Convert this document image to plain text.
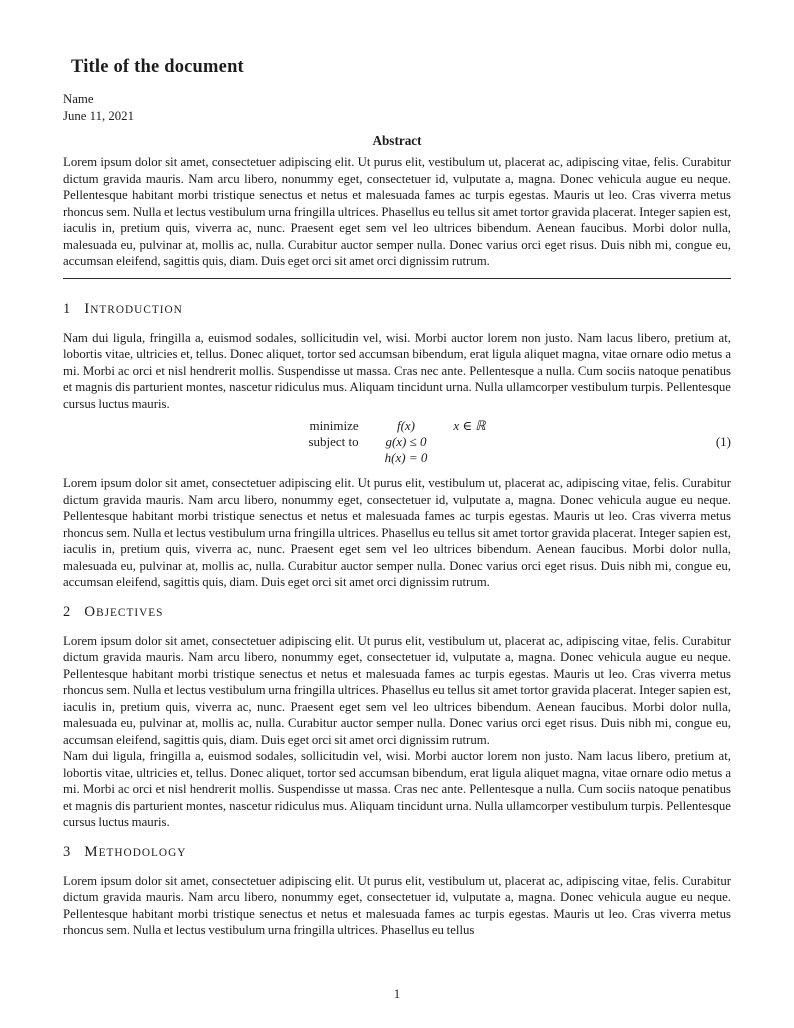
Title of the document
Name
June 11, 2021
Abstract

Lorem ipsum dolor sit amet, consectetuer adipiscing elit. Ut purus elit, vestibulum ut, placerat ac, adipiscing vitae, felis. Curabitur dictum gravida mauris. Nam arcu libero, nonummy eget, consectetuer id, vulputate a, magna. Donec vehicula augue eu neque. Pellentesque habitant morbi tristique senectus et netus et malesuada fames ac turpis egestas. Mauris ut leo. Cras viverra metus rhoncus sem. Nulla et lectus vestibulum urna fringilla ultrices. Phasellus eu tellus sit amet tortor gravida placerat. Integer sapien est, iaculis in, pretium quis, viverra ac, nunc. Praesent eget sem vel leo ultrices bibendum. Aenean faucibus. Morbi dolor nulla, malesuada eu, pulvinar at, mollis ac, nulla. Curabitur auctor semper nulla. Donec varius orci eget risus. Duis nibh mi, congue eu, accumsan eleifend, sagittis quis, diam. Duis eget orci sit amet orci dignissim rutrum.

1 INTRODUCTION

Nam dui ligula, fringilla a, euismod sodales, sollicitudin vel, wisi. Morbi auctor lorem non justo. Nam lacus libero, pretium at, lobortis vitae, ultricies et, tellus. Donec aliquet, tortor sed accumsan bibendum, erat ligula aliquet magna, vitae ornare odio metus a mi. Morbi ac orci et nisl hendrerit mollis. Suspendisse ut massa. Cras nec ante. Pellentesque a nulla. Cum sociis natoque penatibus et magnis dis parturient montes, nascetur ridiculus mus. Aliquam tincidunt urna. Nulla ullamcorper vestibulum turpis. Pellentesque cursus luctus mauris.

minimize	f(x)	x ∈ ℝ
subject to g(x) ≤ 0
h(x) = 0
(1)

Lorem ipsum dolor sit amet, consectetuer adipiscing elit. Ut purus elit, vestibulum ut, placerat ac, adipiscing vitae, felis. Curabitur dictum gravida mauris. Nam arcu libero, nonummy eget, consectetuer id, vulputate a, magna. Donec vehicula augue eu neque. Pellentesque habitant morbi tristique senectus et netus et malesuada fames ac turpis egestas. Mauris ut leo. Cras viverra metus rhoncus sem. Nulla et lectus vestibulum urna fringilla ultrices. Phasellus eu tellus sit amet tortor gravida placerat. Integer sapien est, iaculis in, pretium quis, viverra ac, nunc. Praesent eget sem vel leo ultrices bibendum. Aenean faucibus. Morbi dolor nulla, malesuada eu, pulvinar at, mollis ac, nulla. Curabitur auctor semper nulla. Donec varius orci eget risus. Duis nibh mi, congue eu, accumsan eleifend, sagittis quis, diam. Duis eget orci sit amet orci dignissim rutrum.

2 OBJECTIVES

Lorem ipsum dolor sit amet, consectetuer adipiscing elit. Ut purus elit, vestibulum ut, placerat ac, adipiscing vitae, felis. Curabitur dictum gravida mauris. Nam arcu libero, nonummy eget, consectetuer id, vulputate a, magna. Donec vehicula augue eu neque. Pellentesque habitant morbi tristique senectus et netus et malesuada fames ac turpis egestas. Mauris ut leo. Cras viverra metus rhoncus sem. Nulla et lectus vestibulum urna fringilla ultrices. Phasellus eu tellus sit amet tortor gravida placerat. Integer sapien est, iaculis in, pretium quis, viverra ac, nunc. Praesent eget sem vel leo ultrices bibendum. Aenean faucibus. Morbi dolor nulla, malesuada eu, pulvinar at, mollis ac, nulla. Curabitur auctor semper nulla. Donec varius orci eget risus. Duis nibh mi, congue eu, accumsan eleifend, sagittis quis, diam. Duis eget orci sit amet orci dignissim rutrum.

Nam dui ligula, fringilla a, euismod sodales, sollicitudin vel, wisi. Morbi auctor lorem non justo. Nam lacus libero, pretium at, lobortis vitae, ultricies et, tellus. Donec aliquet, tortor sed accumsan bibendum, erat ligula aliquet magna, vitae ornare odio metus a mi. Morbi ac orci et nisl hendrerit mollis. Suspendisse ut massa. Cras nec ante. Pellentesque a nulla. Cum sociis natoque penatibus et magnis dis parturient montes, nascetur ridiculus mus. Aliquam tincidunt urna. Nulla ullamcorper vestibulum turpis. Pellentesque cursus luctus mauris.

3 METHODOLOGY

Lorem ipsum dolor sit amet, consectetuer adipiscing elit. Ut purus elit, vestibulum ut, placerat ac, adipiscing vitae, felis. Curabitur dictum gravida mauris. Nam arcu libero, nonummy eget, consectetuer id, vulputate a, magna. Donec vehicula augue eu neque. Pellentesque habitant morbi tristique senectus et netus et malesuada fames ac turpis egestas. Mauris ut leo. Cras viverra metus rhoncus sem. Nulla et lectus vestibulum urna fringilla ultrices. Phasellus eu tellus

1
